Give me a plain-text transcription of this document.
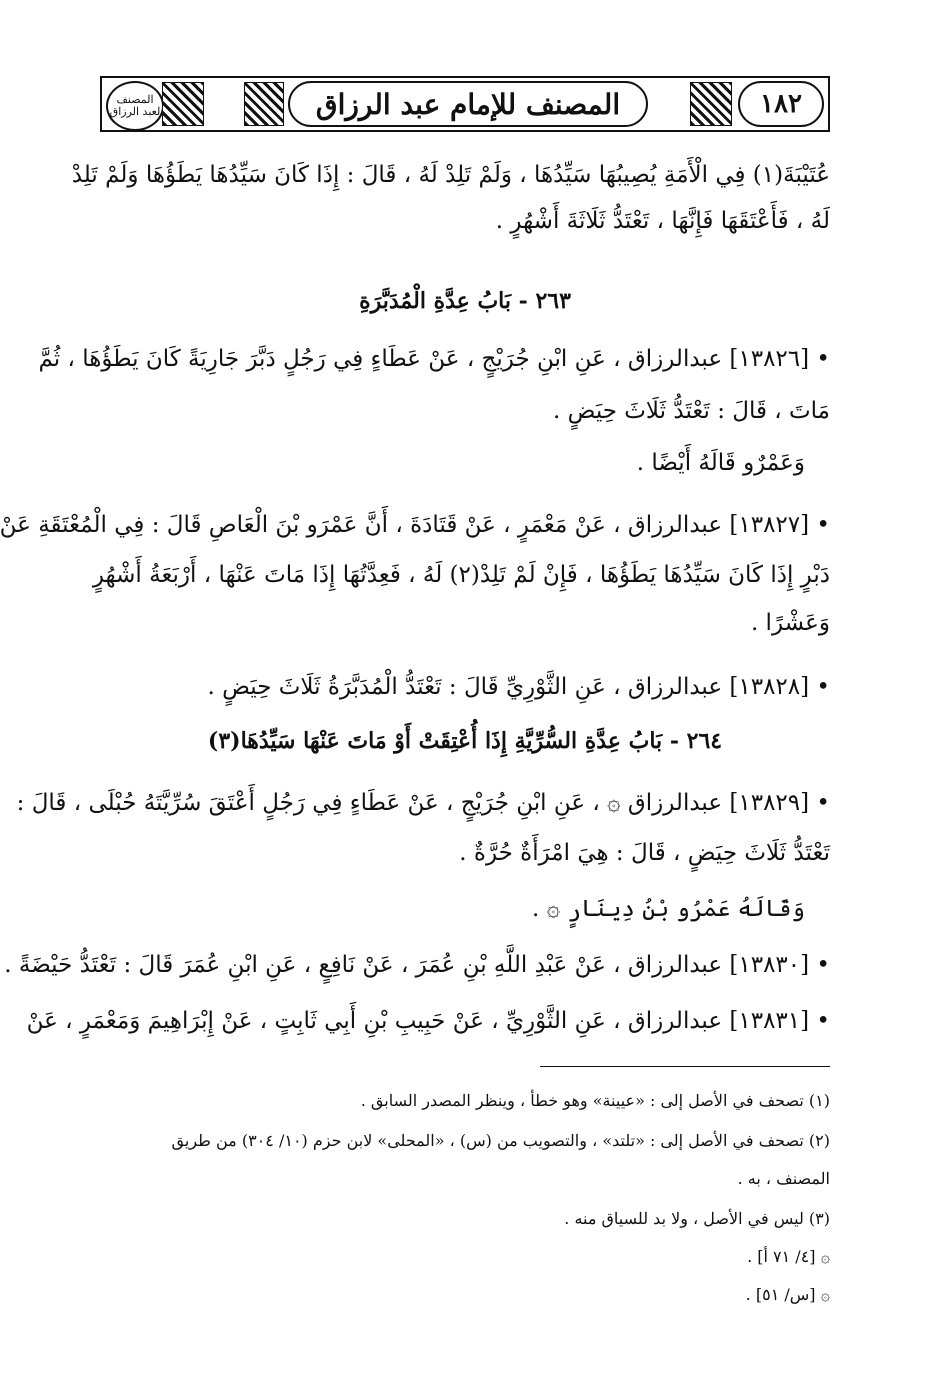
المصنف لعبد الرزاق	المصنف للإمام عبد الرزاق	١٨٢
عُتَيْبَةَ(١) فِي الْأَمَةِ يُصِيبُهَا سَيِّدُهَا ، وَلَمْ تَلِدْ لَهُ ، قَالَ : إِذَا كَانَ سَيِّدُهَا يَطَؤُهَا وَلَمْ تَلِدْ
لَهُ ، فَأَعْتَقَهَا فَإِنَّهَا ، تَعْتَدُّ ثَلَاثَةَ أَشْهُرٍ .
٢٦٣ - بَابُ عِدَّةِ الْمُدَبَّرَةِ
• [١٣٨٢٦] عبدالرزاق ، عَنِ ابْنِ جُرَيْجٍ ، عَنْ عَطَاءٍ فِي رَجُلٍ دَبَّرَ جَارِيَةً كَانَ يَطَؤُهَا ، ثُمَّ
مَاتَ ، قَالَ : تَعْتَدُّ ثَلَاثَ حِيَضٍ .
وَعَمْرٌو قَالَهُ أَيْضًا .
• [١٣٨٢٧] عبدالرزاق ، عَنْ مَعْمَرٍ ، عَنْ قَتَادَةَ ، أَنَّ عَمْرَو بْنَ الْعَاصِ قَالَ : فِي الْمُعْتَقَةِ عَنْ
دَبْرٍ إِذَا كَانَ سَيِّدُهَا يَطَؤُهَا ، فَإِنْ لَمْ تَلِدْ(٢) لَهُ ، فَعِدَّتُهَا إِذَا مَاتَ عَنْهَا ، أَرْبَعَةُ أَشْهُرٍ
وَعَشْرًا .
• [١٣٨٢٨] عبدالرزاق ، عَنِ الثَّوْرِيِّ قَالَ : تَعْتَدُّ الْمُدَبَّرَةُ ثَلَاثَ حِيَضٍ .
٢٦٤ - بَابُ عِدَّةِ السُّرِّيَّةِ إِذَا أُعْتِقَتْ أَوْ مَاتَ عَنْهَا سَيِّدُهَا(٣)
• [١٣٨٢٩] عبدالرزاق ۞ ، عَنِ ابْنِ جُرَيْجٍ ، عَنْ عَطَاءٍ فِي رَجُلٍ أَعْتَقَ سُرِّيَّتَهُ حُبْلَى ، قَالَ :
تَعْتَدُّ ثَلَاثَ حِيَضٍ ، قَالَ : هِيَ امْرَأَةٌ حُرَّةٌ .
وَقَالَهُ عَمْرُو بْنُ دِينَارٍ ۞ .
• [١٣٨٣٠] عبدالرزاق ، عَنْ عَبْدِ اللَّهِ بْنِ عُمَرَ ، عَنْ نَافِعٍ ، عَنِ ابْنِ عُمَرَ قَالَ : تَعْتَدُّ حَيْضَةً .
• [١٣٨٣١] عبدالرزاق ، عَنِ الثَّوْرِيِّ ، عَنْ حَبِيبِ بْنِ أَبِي ثَابِتٍ ، عَنْ إِبْرَاهِيمَ وَمَعْمَرٍ ، عَنْ
(١) تصحف في الأصل إلى : «عيينة» وهو خطأ ، وينظر المصدر السابق .
(٢) تصحف في الأصل إلى : «تلتد» ، والتصويب من (س) ، «المحلى» لابن حزم (١٠/ ٣٠٤) من طريق
المصنف ، به .
(٣) ليس في الأصل ، ولا بد للسياق منه .
۞ [٤/ ٧١ أ] .
۞ [س/ ٥١] .
